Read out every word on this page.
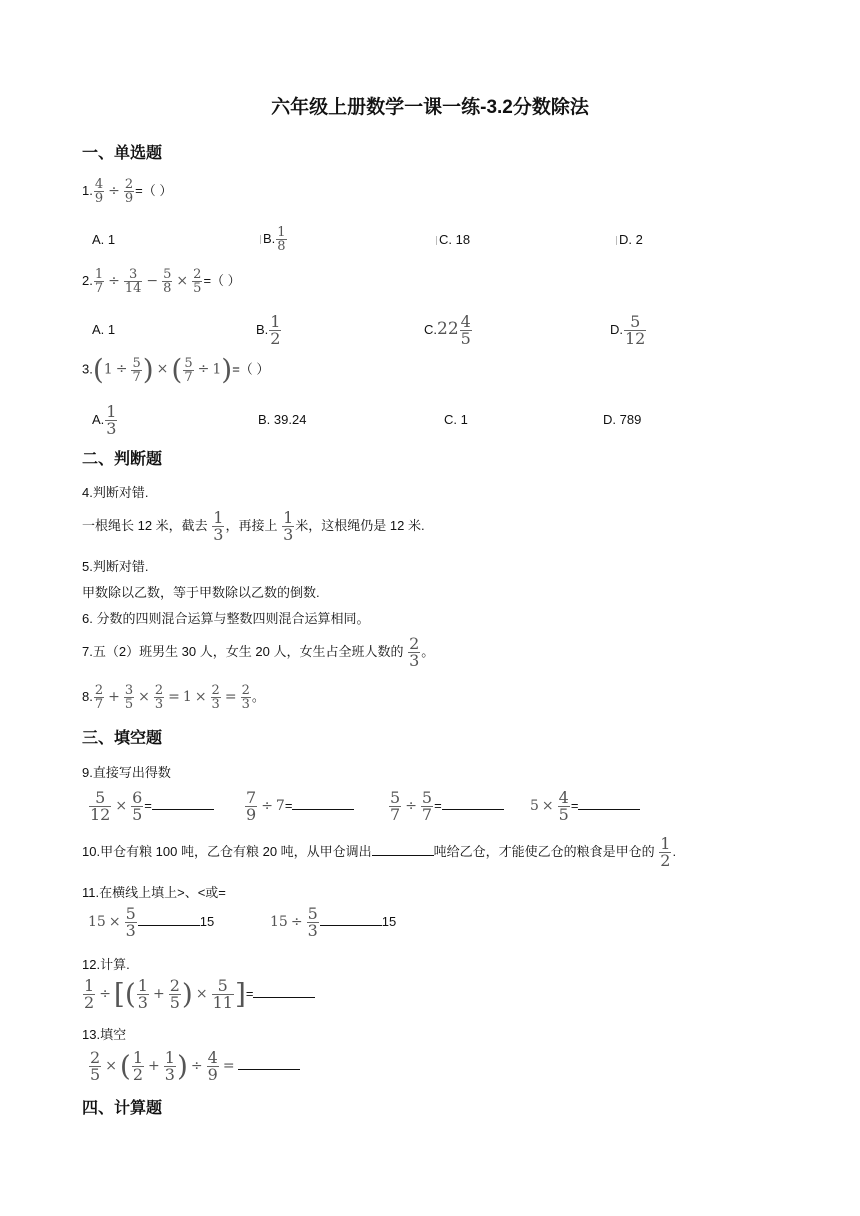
六年级上册数学一课一练-3.2分数除法
一、单选题
1. $\frac{4}{9} \div \frac{2}{9}$ =（ ）
A. 1	B. $\frac{1}{8}$	C. 18	D. 2
2. $\frac{1}{7} \div \frac{3}{14} - \frac{5}{8} \times \frac{2}{5}$ =（ ）
A. 1	B. $\frac{1}{2}$	$C.22 \frac{4}{5}$	D. $\frac{5}{12}$
$3.(1 \div \frac{5}{7}$ ) × ( $\frac{5}{7} \div 1)=$（ ）
A. $\frac{1}{3}$	B. 39.24	C. 1	D. 789
二、判断题
4.判断对错.
一根绳长 12 米，截去 $\frac{1}{3}$ ，再接上 $\frac{1}{3}$ 米，这根绳仍是 12 米.
5.判断对错.
甲数除以乙数，等于甲数除以乙数的倒数.
6. 分数的四则混合运算与整数四则混合运算相同。
7.五（2）班男生 30 人，女生 20 人，女生占全班人数的 $\frac{2}{3}$ 。
8. $\frac{2}{7} + \frac{3}{5} \times \frac{2}{3} = 1 \times \frac{2}{3} = \frac{2}{3}$ 。
三、填空题
9.直接写出得数
$\frac{5}{12} \times \frac{6}{5}$ =	$\frac{7}{9} \div 7=$	$\frac{5}{7} \div \frac{5}{7}$ =	$5 \times \frac{4}{5}$ =
10.甲仓有粮 100 吨，乙仓有粮 20 吨，从甲仓调出	吨给乙仓，才能使乙仓的粮食是甲仓的 $\frac{1}{2}$ .
11.在横线上填上>、<或=
$15 \times \frac{5}{3}$	15	$15 \div \frac{5}{3}$	15
12.计算.
$\frac{1}{2}$ ÷ [( $\frac{1}{3} + \frac{2}{5}$ ) × $\frac{5}{11}$ ]=
13.填空
$\frac{2}{5}$ × ( $\frac{1}{2} + \frac{1}{3}$ ) ÷ $\frac{4}{9}$ =
四、计算题
